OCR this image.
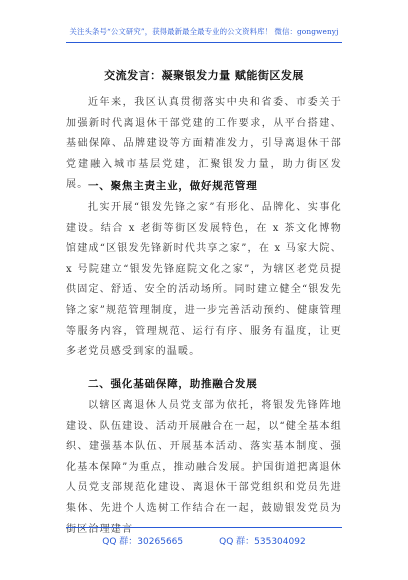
关注头条号“公文研究”，获得最新最全最专业的公文资料库！ 微信：gongwenyj
交流发言：凝聚银发力量 赋能街区发展
近年来，我区认真贯彻落实中央和省委、市委关于加强新时代离退休干部党建的工作要求，从平台搭建、基础保障、品牌建设等方面精准发力，引导离退休干部党建融入城市基层党建，汇聚银发力量，助力街区发展。 一、聚焦主责主业，做好规范管理
扎实开展“银发先锋之家”有形化、品牌化、实事化建设。结合 x 老街等街区发展特色，在 x 茶文化博物馆建成“区银发先锋新时代共享之家”，在 x 马家大院、x 号院建立“银发先锋庭院文化之家”，为辖区老党员提供固定、舒适、安全的活动场所。同时建立健全“银发先锋之家”规范管理制度，进一步完善活动预约、健康管理等服务内容，管理规范、运行有序、服务有温度，让更多老党员感受到家的温暖。
二、强化基础保障，助推融合发展
以辖区离退休人员党支部为依托，将银发先锋阵地建设、队伍建设、活动开展融合在一起，以“健全基本组织、建强基本队伍、开展基本活动、落实基本制度、强化基本保障”为重点，推动融合发展。护国街道把离退休人员党支部规范化建设、离退休干部党组织和党员先进集体、先进个人选树工作结合在一起，鼓励银发党员为街区治理建言
QQ 群：30265665	QQ 群：535304092
